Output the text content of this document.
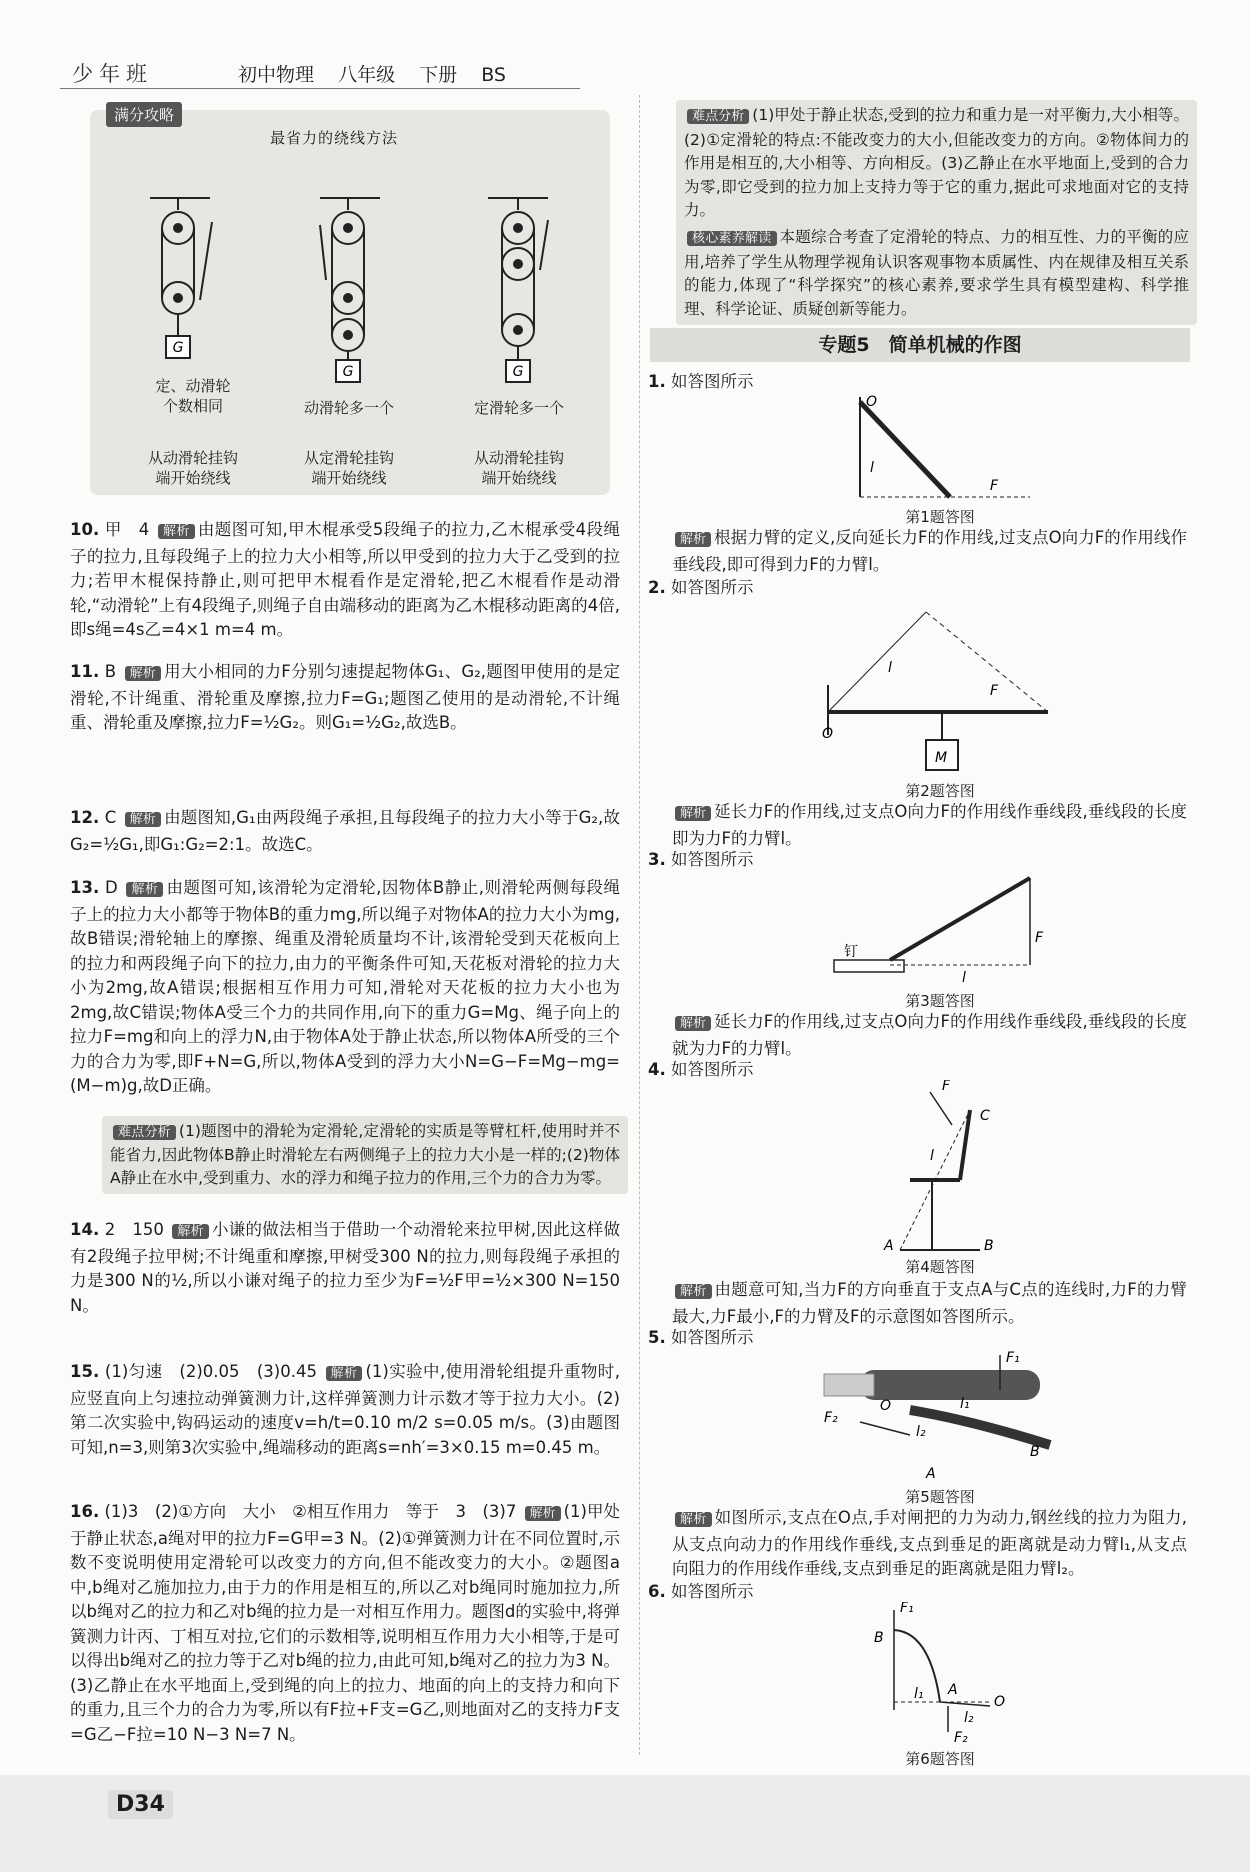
少年班	初中物理 八年级 下册 BS
满分攻略
最省力的绕线方法
G
G	G
定、动滑轮
个数相同	动滑轮多一个	定滑轮多一个
从动滑轮挂钩
端开始绕线
从定滑轮挂钩
端开始绕线
从动滑轮挂钩
端开始绕线
10. 甲　4 解析 由题图可知,甲木棍承受5段绳子的拉力,乙木棍承受4段绳子的拉力,且每段绳子上的拉力大小相等,所以甲受到的拉力大于乙受到的拉力;若甲木棍保持静止,则可把甲木棍看作是定滑轮,把乙木棍看作是动滑轮,“动滑轮”上有4段绳子,则绳子自由端移动的距离为乙木棍移动距离的4倍,即s绳=4s乙=4×1 m=4 m。
11. B 解析 用大小相同的力F分别匀速提起物体G₁、G₂,题图甲使用的是定滑轮,不计绳重、滑轮重及摩擦,拉力F=G₁;题图乙使用的是动滑轮,不计绳重、滑轮重及摩擦,拉力F=½G₂。则G₁=½G₂,故选B。
12. C 解析 由题图知,G₁由两段绳子承担,且每段绳子的拉力大小等于G₂,故G₂=½G₁,即G₁:G₂=2:1。故选C。
13. D 解析 由题图可知,该滑轮为定滑轮,因物体B静止,则滑轮两侧每段绳子上的拉力大小都等于物体B的重力mg,所以绳子对物体A的拉力大小为mg,故B错误;滑轮轴上的摩擦、绳重及滑轮质量均不计,该滑轮受到天花板向上的拉力和两段绳子向下的拉力,由力的平衡条件可知,天花板对滑轮的拉力大小为2mg,故A错误;根据相互作用力可知,滑轮对天花板的拉力大小也为2mg,故C错误;物体A受三个力的共同作用,向下的重力G=Mg、绳子向上的拉力F=mg和向上的浮力N,由于物体A处于静止状态,所以物体A所受的三个力的合力为零,即F+N=G,所以,物体A受到的浮力大小N=G−F=Mg−mg=(M−m)g,故D正确。
难点分析 (1)题图中的滑轮为定滑轮,定滑轮的实质是等臂杠杆,使用时并不能省力,因此物体B静止时滑轮左右两侧绳子上的拉力大小是一样的;(2)物体A静止在水中,受到重力、水的浮力和绳子拉力的作用,三个力的合力为零。
14. 2　150 解析 小谦的做法相当于借助一个动滑轮来拉甲树,因此这样做有2段绳子拉甲树;不计绳重和摩擦,甲树受300 N的拉力,则每段绳子承担的力是300 N的½,所以小谦对绳子的拉力至少为F=½F甲=½×300 N=150 N。
15. (1)匀速　(2)0.05　(3)0.45 解析 (1)实验中,使用滑轮组提升重物时,应竖直向上匀速拉动弹簧测力计,这样弹簧测力计示数才等于拉力大小。(2)第二次实验中,钩码运动的速度v=h/t=0.10 m/2 s=0.05 m/s。(3)由题图可知,n=3,则第3次实验中,绳端移动的距离s=nh′=3×0.15 m=0.45 m。
16. (1)3　(2)①方向　大小　②相互作用力　等于　3　(3)7 解析 (1)甲处于静止状态,a绳对甲的拉力F=G甲=3 N。(2)①弹簧测力计在不同位置时,示数不变说明使用定滑轮可以改变力的方向,但不能改变力的大小。②题图a中,b绳对乙施加拉力,由于力的作用是相互的,所以乙对b绳同时施加拉力,所以b绳对乙的拉力和乙对b绳的拉力是一对相互作用力。题图d的实验中,将弹簧测力计丙、丁相互对拉,它们的示数相等,说明相互作用力大小相等,于是可以得出b绳对乙的拉力等于乙对b绳的拉力,由此可知,b绳对乙的拉力为3 N。(3)乙静止在水平地面上,受到绳的向上的拉力、地面的向上的支持力和向下的重力,且三个力的合力为零,所以有F拉+F支=G乙,则地面对乙的支持力F支=G乙−F拉=10 N−3 N=7 N。
难点分析 (1)甲处于静止状态,受到的拉力和重力是一对平衡力,大小相等。(2)①定滑轮的特点:不能改变力的大小,但能改变力的方向。②物体间力的作用是相互的,大小相等、方向相反。(3)乙静止在水平地面上,受到的合力为零,即它受到的拉力加上支持力等于它的重力,据此可求地面对它的支持力。
核心素养解读 本题综合考查了定滑轮的特点、力的相互性、力的平衡的应用,培养了学生从物理学视角认识客观事物本质属性、内在规律及相互关系的能力,体现了“科学探究”的核心素养,要求学生具有模型建构、科学推理、科学论证、质疑创新等能力。
专题5　简单机械的作图
1. 如答图所示
O
l
F
第1题答图
解析 根据力臂的定义,反向延长力F的作用线,过支点O向力F的作用线作垂线段,即可得到力F的力臂l。
2. 如答图所示
O
l
F
M
第2题答图
解析 延长力F的作用线,过支点O向力F的作用线作垂线段,垂线段的长度即为力F的力臂l。
3. 如答图所示
钉
F
l
第3题答图
解析 延长力F的作用线,过支点O向力F的作用线作垂线段,垂线段的长度就为力F的力臂l。
4. 如答图所示
F
C
l
A	B
第4题答图
解析 由题意可知,当力F的方向垂直于支点A与C点的连线时,力F的力臂最大,力F最小,F的力臂及F的示意图如答图所示。
5. 如答图所示
F₁
F₂
O	l₁
l₂
A
B
第5题答图
解析 如图所示,支点在O点,手对闸把的力为动力,钢丝线的拉力为阻力,从支点向动力的作用线作垂线,支点到垂足的距离就是动力臂l₁,从支点向阻力的作用线作垂线,支点到垂足的距离就是阻力臂l₂。
6. 如答图所示
F₁
B
l₁ A
O
l₂
F₂
第6题答图
D34
